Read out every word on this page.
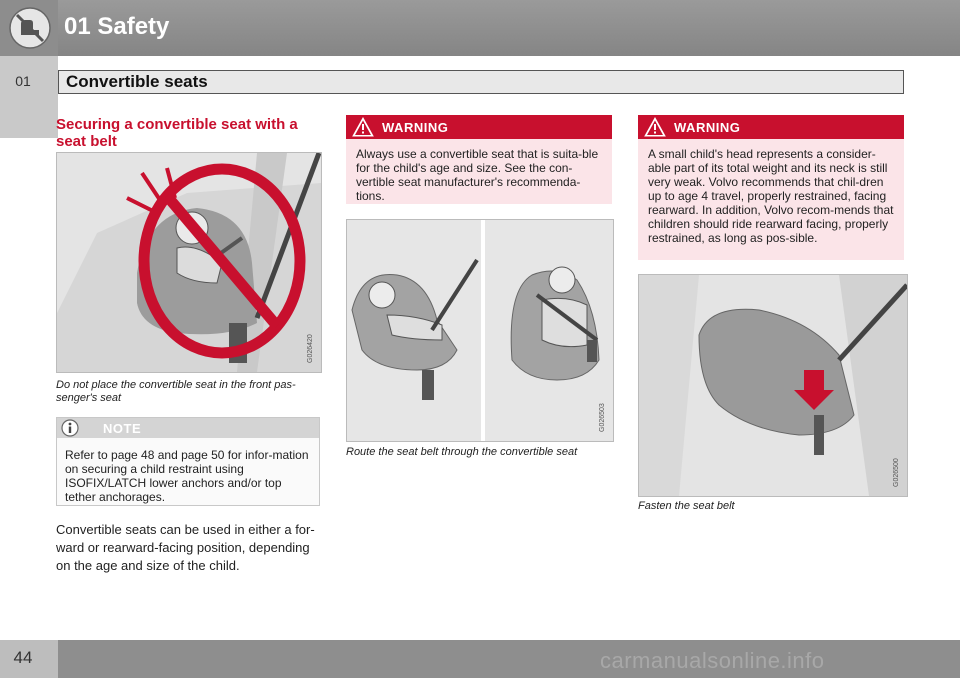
01 Safety
01	Convertible seats
Securing a convertible seat with a seat belt
G026420
Do not place the convertible seat in the front pas-senger's seat
NOTE
Refer to page 48 and page 50 for infor-mation on securing a child restraint using ISOFIX/LATCH lower anchors and/or top tether anchorages.
Convertible seats can be used in either a for-ward or rearward-facing position, depending on the age and size of the child.
WARNING
Always use a convertible seat that is suita-ble for the child's age and size. See the con-vertible seat manufacturer's recommenda-tions.
G026503
Route the seat belt through the convertible seat
WARNING
A small child's head represents a consider-able part of its total weight and its neck is still very weak. Volvo recommends that chil-dren up to age 4 travel, properly restrained, facing rearward. In addition, Volvo recom-mends that children should ride rearward facing, properly restrained, as long as pos-sible.
G026500
Fasten the seat belt
44	carmanualsonline.info
